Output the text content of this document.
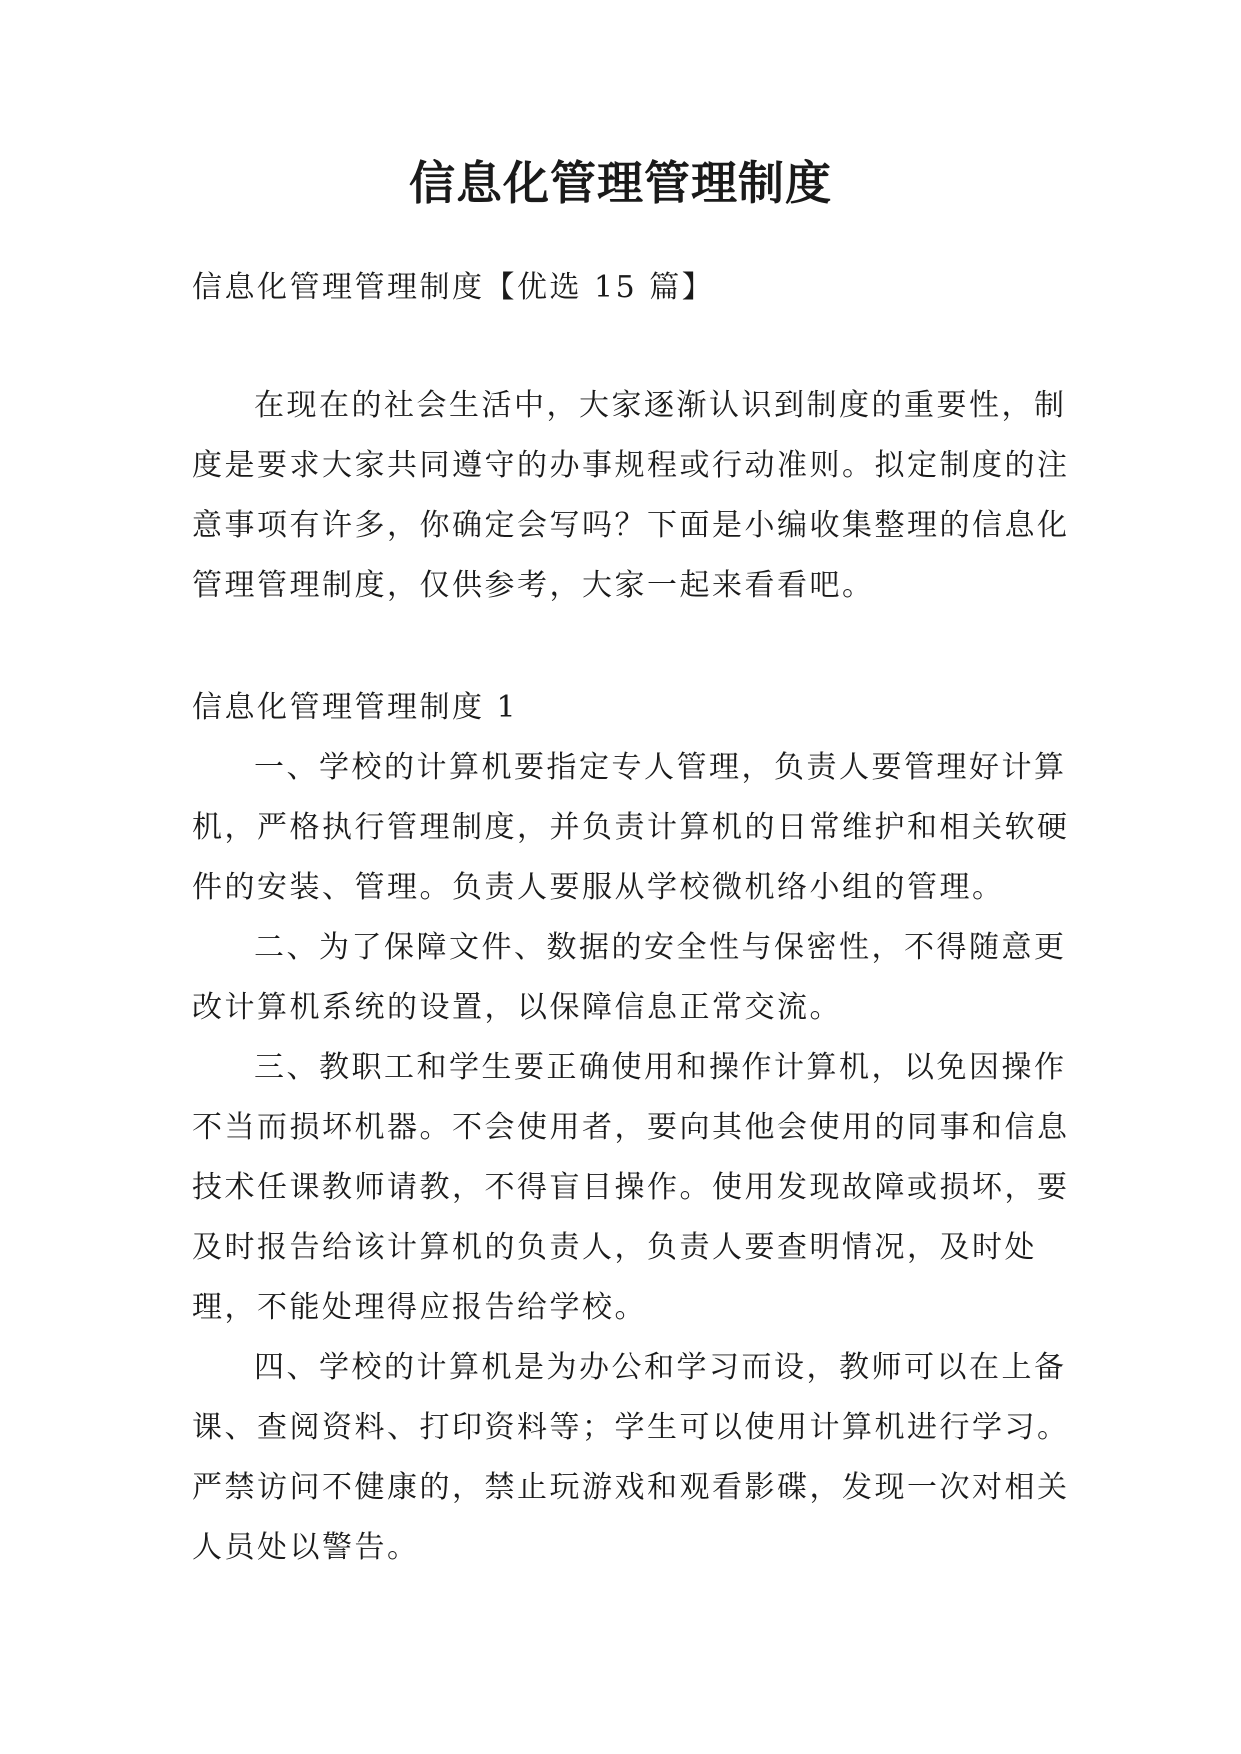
信息化管理管理制度

信息化管理管理制度【优选 15 篇】

在现在的社会生活中，大家逐渐认识到制度的重要性，制度是要求大家共同遵守的办事规程或行动准则。拟定制度的注意事项有许多，你确定会写吗？下面是小编收集整理的信息化管理管理制度，仅供参考，大家一起来看看吧。

信息化管理管理制度 1

一、学校的计算机要指定专人管理，负责人要管理好计算机，严格执行管理制度，并负责计算机的日常维护和相关软硬件的安装、管理。负责人要服从学校微机络小组的管理。

二、为了保障文件、数据的安全性与保密性，不得随意更改计算机系统的设置，以保障信息正常交流。

三、教职工和学生要正确使用和操作计算机，以免因操作不当而损坏机器。不会使用者，要向其他会使用的同事和信息技术任课教师请教，不得盲目操作。使用发现故障或损坏，要及时报告给该计算机的负责人，负责人要查明情况，及时处理，不能处理得应报告给学校。

四、学校的计算机是为办公和学习而设，教师可以在上备课、查阅资料、打印资料等；学生可以使用计算机进行学习。严禁访问不健康的，禁止玩游戏和观看影碟，发现一次对相关人员处以警告。
